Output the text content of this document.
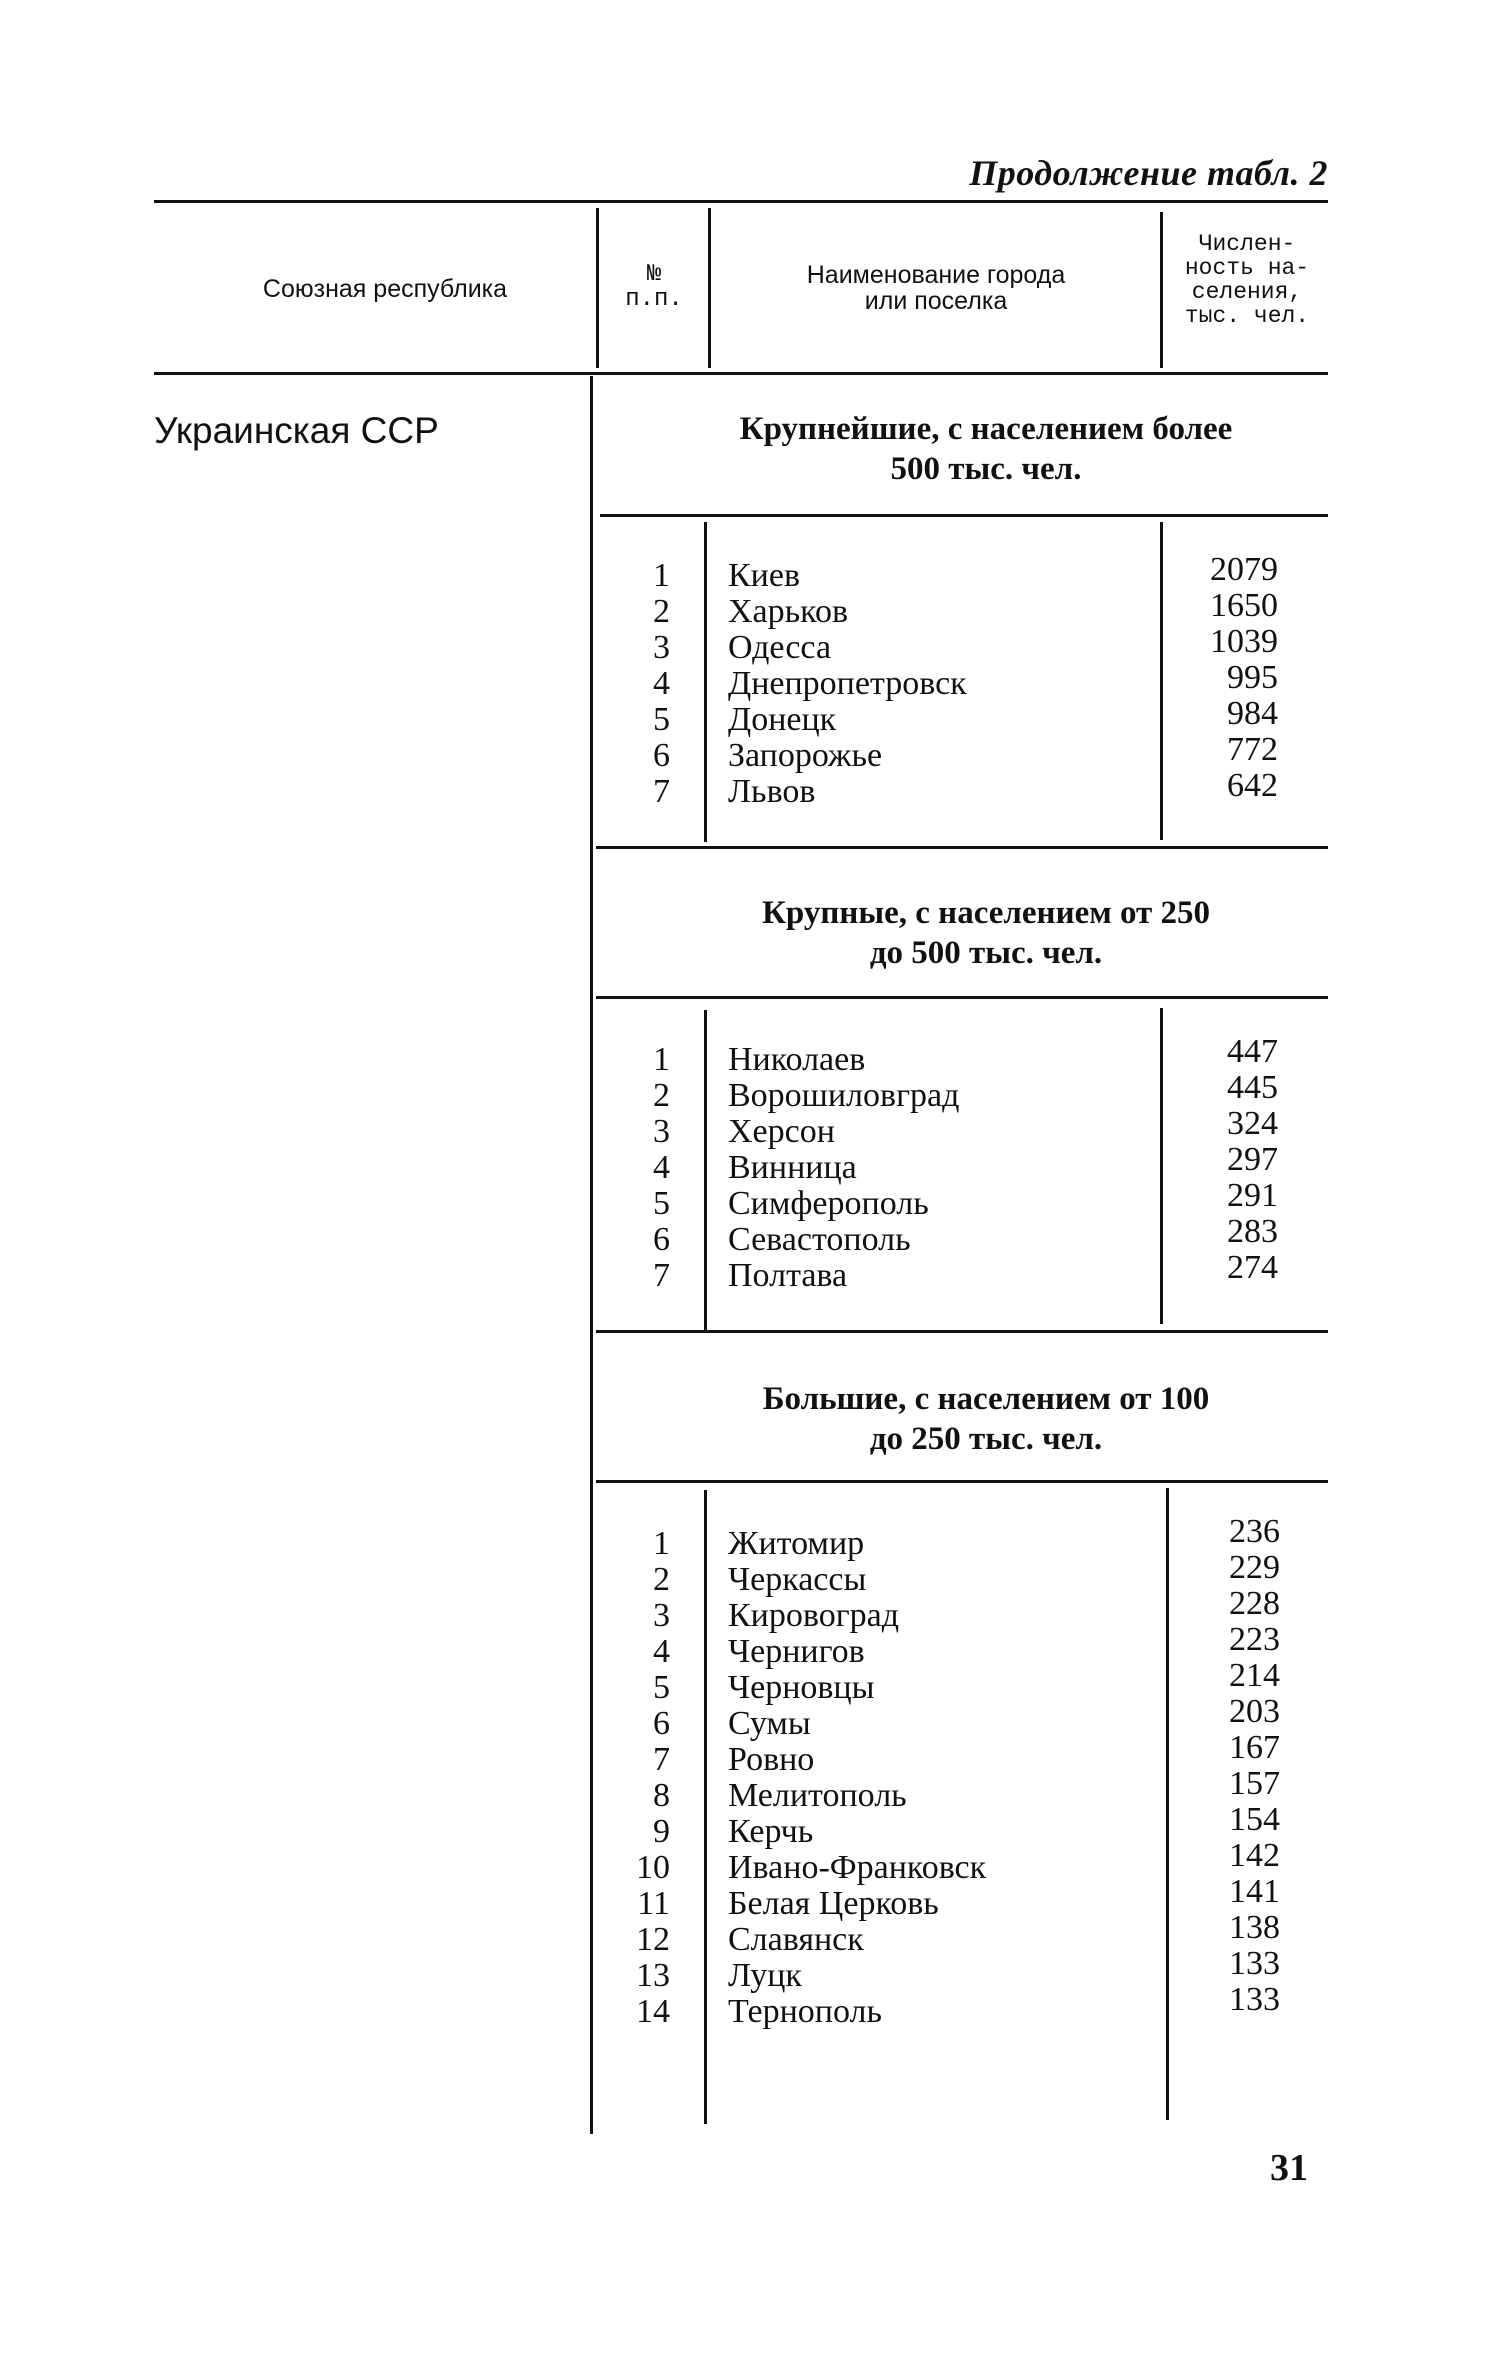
Продолжение табл. 2
Союзная республика
№
п.п.
Наименование города
или поселка
Числен-
ность на-
селения,
тыс. чел.
Украинская ССР	Крупнейшие, с населением более
500 тыс. чел.
1
2
3
4
5
6
7
Киев
Харьков
Одесса
Днепропетровск
Донецк
Запорожье
Львов
2079
1650
1039
995
984
772
642
Крупные, с населением от 250
до 500 тыс. чел.
1
2
3
4
5
6
7
Николаев
Ворошиловград
Херсон
Винница
Симферополь
Севастополь
Полтава
447
445
324
297
291
283
274
Большие, с населением от 100
до 250 тыс. чел.
1
2
3
4
5
6
7
8
9
10
11
12
13
14
Житомир
Черкассы
Кировоград
Чернигов
Черновцы
Сумы
Ровно
Мелитополь
Керчь
Ивано-Франковск
Белая Церковь
Славянск
Луцк
Тернополь
236
229
228
223
214
203
167
157
154
142
141
138
133
133
31
